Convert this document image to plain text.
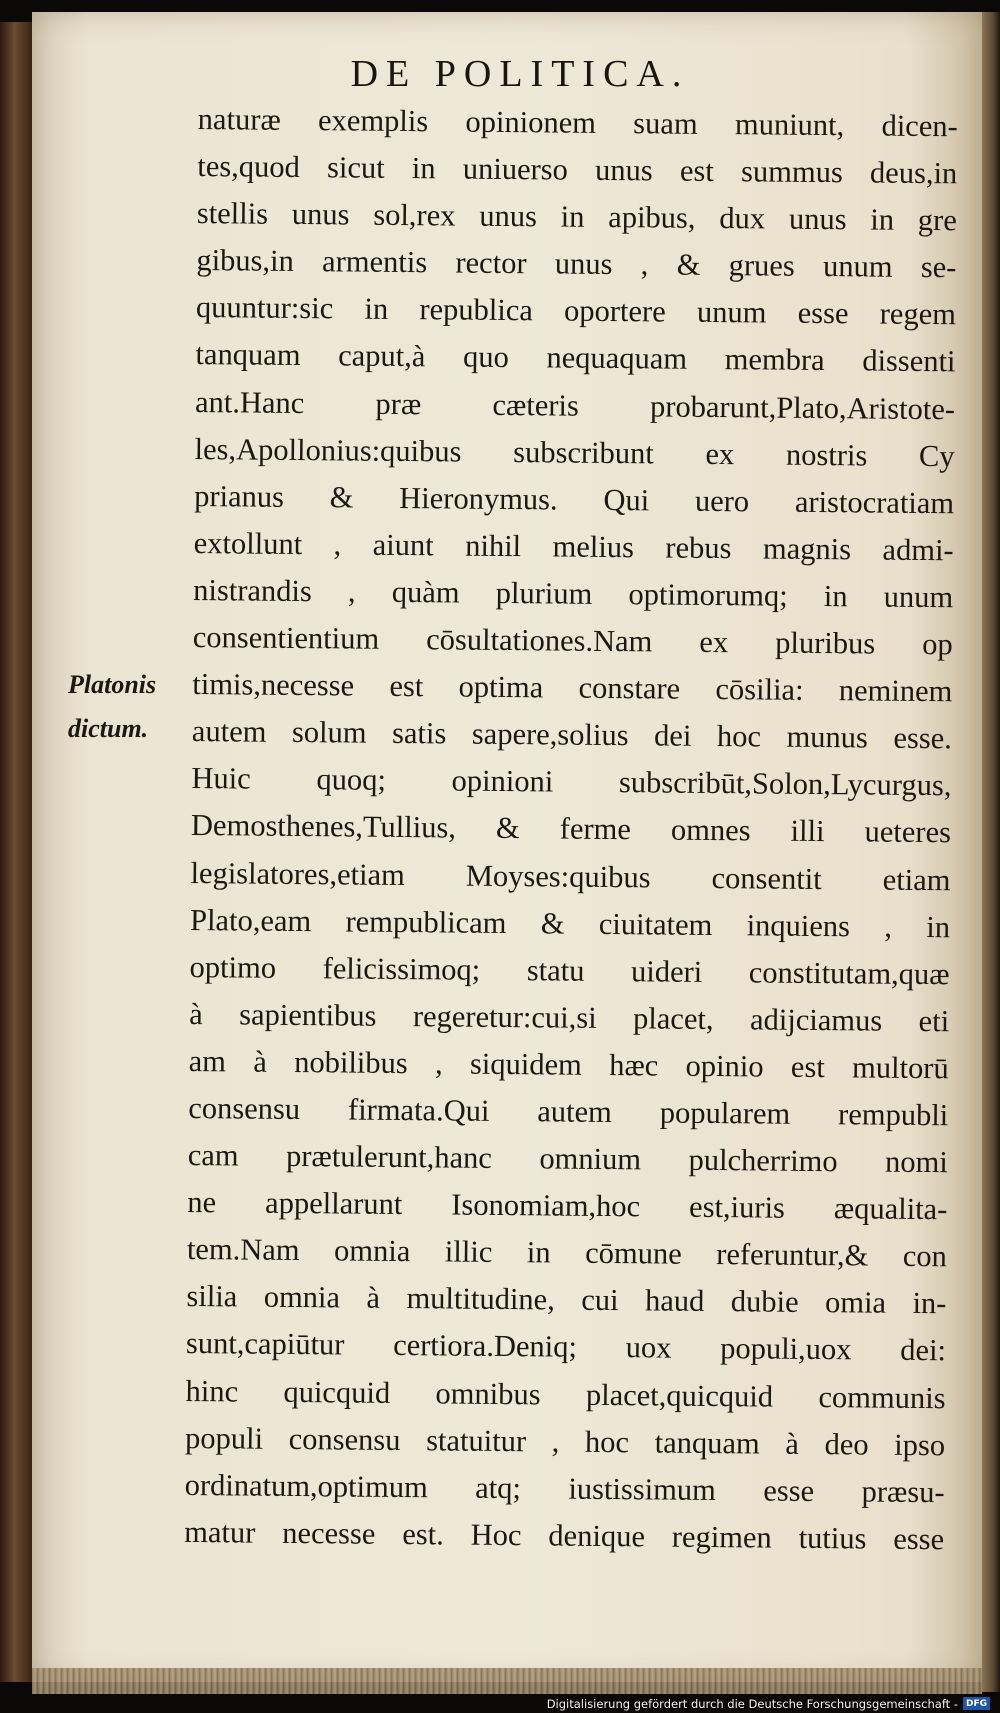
DE POLITICA.
Platonis
dictum.
naturæ exemplis opinionem suam muniunt, dicen-
tes,quod sicut in uniuerso unus est summus deus,in
stellis unus sol,rex unus in apibus, dux unus in gre
gibus,in armentis rector unus , & grues unum se-
quuntur:sic in republica oportere unum esse regem
tanquam caput,à quo nequaquam membra dissenti
ant.Hanc præ cæteris probarunt,Plato,Aristote-
les,Apollonius:quibus subscribunt ex nostris Cy
prianus & Hieronymus. Qui uero aristocratiam
extollunt , aiunt nihil melius rebus magnis admi-
nistrandis , quàm plurium optimorumq; in unum
consentientium cōsultationes.Nam ex pluribus op
timis,necesse est optima constare cōsilia: neminem
autem solum satis sapere,solius dei hoc munus esse.
Huic quoq; opinioni subscribūt,Solon,Lycurgus,
Demosthenes,Tullius, & ferme omnes illi ueteres
legislatores,etiam Moyses:quibus consentit etiam
Plato,eam rempublicam & ciuitatem inquiens , in
optimo felicissimoq; statu uideri constitutam,quæ
à sapientibus regeretur:cui,si placet, adijciamus eti
am à nobilibus , siquidem hæc opinio est multorū
consensu firmata.Qui autem popularem rempubli
cam prætulerunt,hanc omnium pulcherrimo nomi
ne appellarunt Isonomiam,hoc est,iuris æqualita-
tem.Nam omnia illic in cōmune referuntur,& con
silia omnia à multitudine, cui haud dubie omia in-
sunt,capiūtur certiora.Deniq; uox populi,uox dei:
hinc quicquid omnibus placet,quicquid communis
populi consensu statuitur , hoc tanquam à deo ipso
ordinatum,optimum atq; iustissimum esse præsu-
matur necesse est. Hoc denique regimen tutius esse
Digitalisierung gefördert durch die Deutsche Forschungsgemeinschaft - DFG
